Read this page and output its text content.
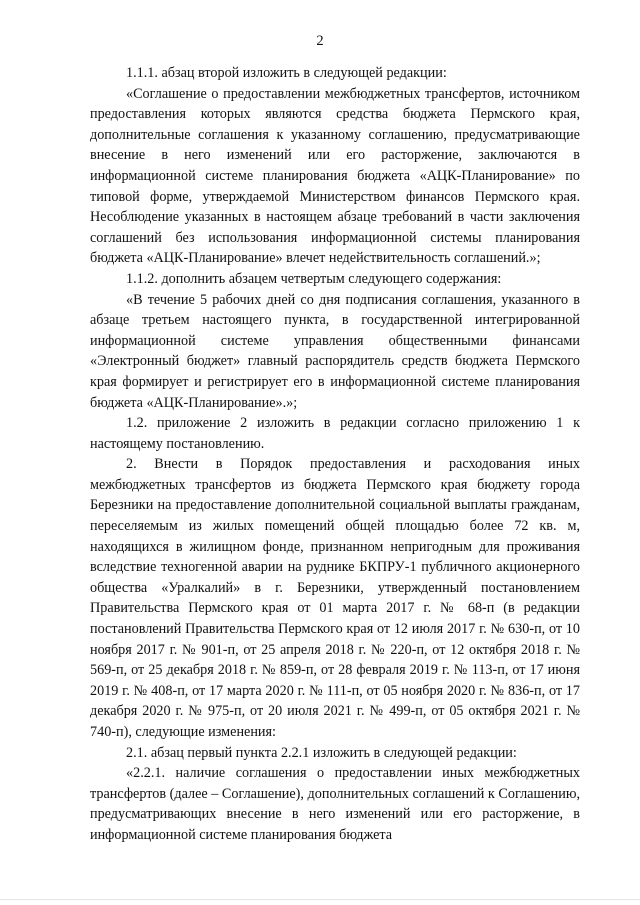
2

1.1.1. абзац второй изложить в следующей редакции:

«Соглашение о предоставлении межбюджетных трансфертов, источником предоставления которых являются средства бюджета Пермского края, дополнительные соглашения к указанному соглашению, предусматривающие внесение в него изменений или его расторжение, заключаются в информационной системе планирования бюджета «АЦК-Планирование» по типовой форме, утверждаемой Министерством финансов Пермского края. Несоблюдение указанных в настоящем абзаце требований в части заключения соглашений без использования информационной системы планирования бюджета «АЦК-Планирование» влечет недействительность соглашений.»;

1.1.2. дополнить абзацем четвертым следующего содержания:

«В течение 5 рабочих дней со дня подписания соглашения, указанного в абзаце третьем настоящего пункта, в государственной интегрированной информационной системе управления общественными финансами «Электронный бюджет» главный распорядитель средств бюджета Пермского края формирует и регистрирует его в информационной системе планирования бюджета «АЦК-Планирование».»;

1.2. приложение 2 изложить в редакции согласно приложению 1 к настоящему постановлению.

2. Внести в Порядок предоставления и расходования иных межбюджетных трансфертов из бюджета Пермского края бюджету города Березники на предоставление дополнительной социальной выплаты гражданам, переселяемым из жилых помещений общей площадью более 72 кв. м, находящихся в жилищном фонде, признанном непригодным для проживания вследствие техногенной аварии на руднике БКПРУ-1 публичного акционерного общества «Уралкалий» в г. Березники, утвержденный постановлением Правительства Пермского края от 01 марта 2017 г. № 68-п (в редакции постановлений Правительства Пермского края от 12 июля 2017 г. № 630-п, от 10 ноября 2017 г. № 901-п, от 25 апреля 2018 г. № 220-п, от 12 октября 2018 г. № 569-п, от 25 декабря 2018 г. № 859-п, от 28 февраля 2019 г. № 113-п, от 17 июня 2019 г. № 408-п, от 17 марта 2020 г. № 111-п, от 05 ноября 2020 г. № 836-п, от 17 декабря 2020 г. № 975-п, от 20 июля 2021 г. № 499-п, от 05 октября 2021 г. № 740-п), следующие изменения:

2.1. абзац первый пункта 2.2.1 изложить в следующей редакции:

«2.2.1. наличие соглашения о предоставлении иных межбюджетных трансфертов (далее – Соглашение), дополнительных соглашений к Соглашению, предусматривающих внесение в него изменений или его расторжение, в информационной системе планирования бюджета
